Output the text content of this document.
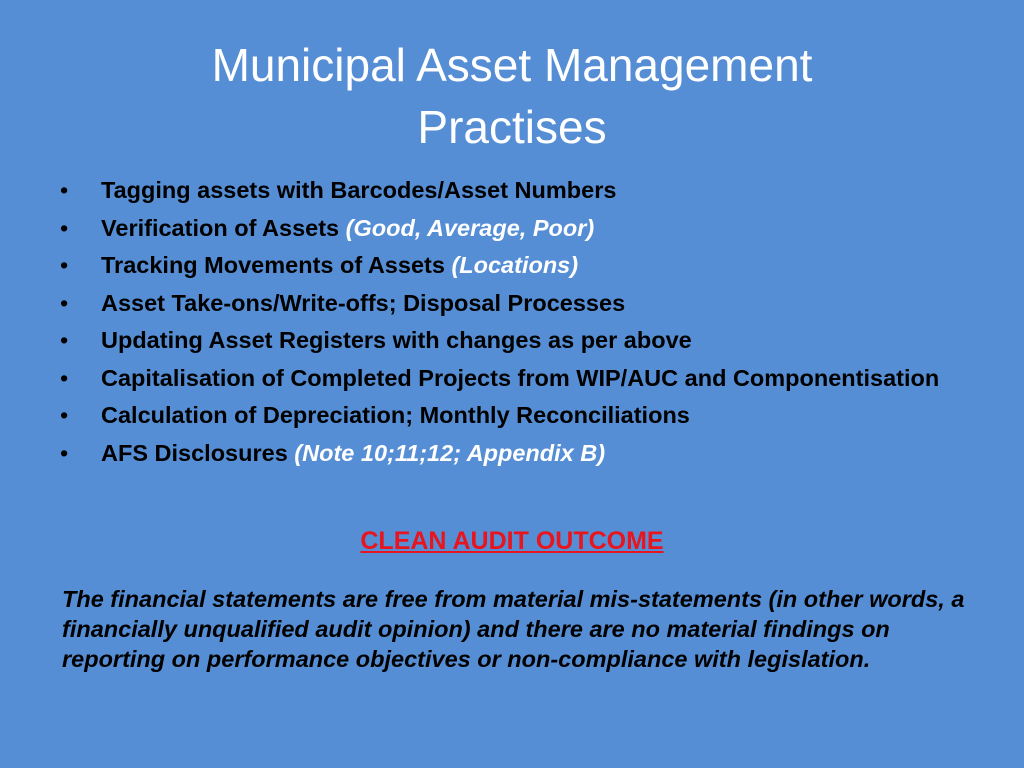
Municipal Asset Management
Practises
• Tagging assets with Barcodes/Asset Numbers
• Verification of Assets (Good, Average, Poor)
• Tracking Movements of Assets (Locations)
• Asset Take-ons/Write-offs; Disposal Processes
• Updating Asset Registers with changes as per above
• Capitalisation of Completed Projects from WIP/AUC and Componentisation
• Calculation of Depreciation; Monthly Reconciliations
• AFS Disclosures (Note 10;11;12; Appendix B)
CLEAN AUDIT OUTCOME
The financial statements are free from material mis-statements (in other words, a financially unqualified audit opinion) and there are no material findings on reporting on performance objectives or non-compliance with legislation.
